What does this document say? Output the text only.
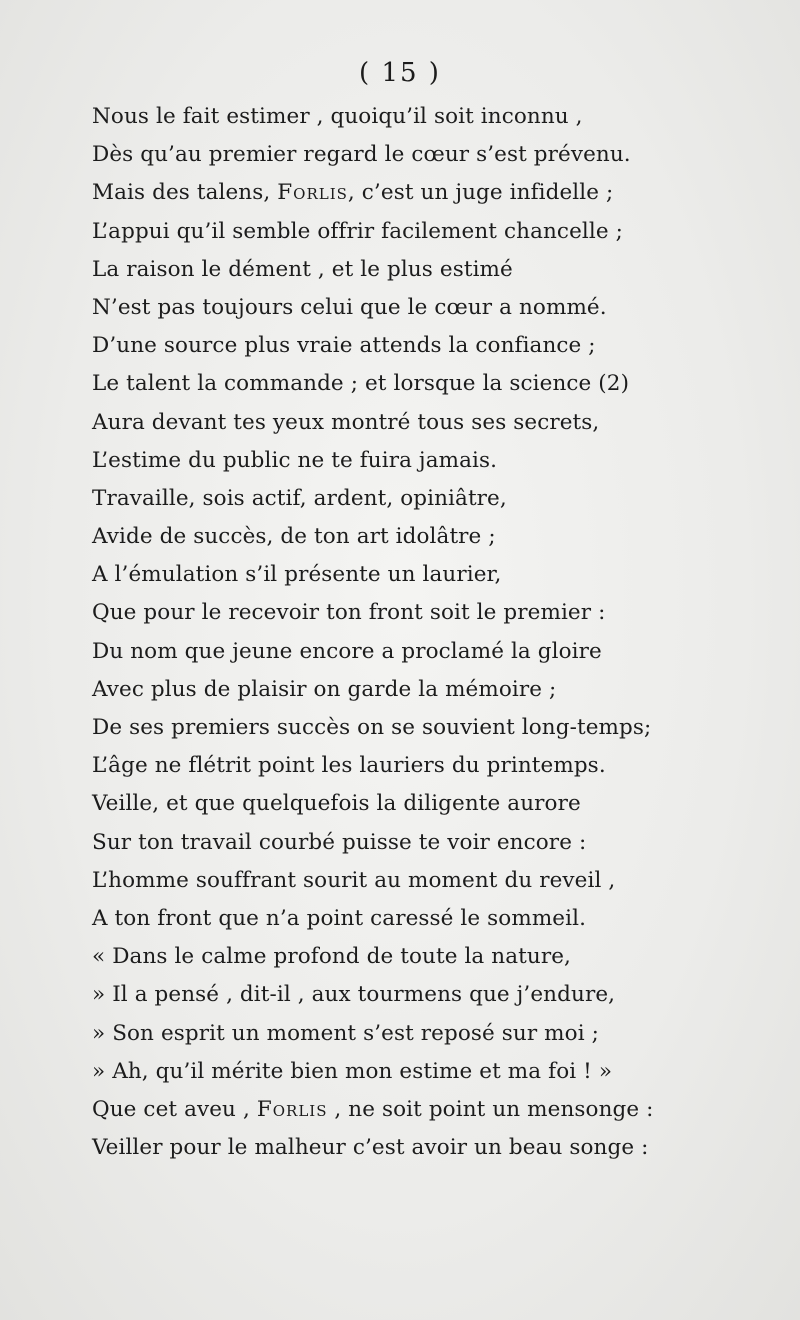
( 15 )
Nous le fait estimer , quoiqu’il soit inconnu ,
Dès qu’au premier regard le cœur s’est prévenu.
Mais des talens, Forlis, c’est un juge infidelle ;
L’appui qu’il semble offrir facilement chancelle ;
La raison le dément , et le plus estimé
N’est pas toujours celui que le cœur a nommé.
D’une source plus vraie attends la confiance ;
Le talent la commande ; et lorsque la science (2)
Aura devant tes yeux montré tous ses secrets,
L’estime du public ne te fuira jamais.
Travaille, sois actif, ardent, opiniâtre,
Avide de succès, de ton art idolâtre ;
A l’émulation s’il présente un laurier,
Que pour le recevoir ton front soit le premier :
Du nom que jeune encore a proclamé la gloire
Avec plus de plaisir on garde la mémoire ;
De ses premiers succès on se souvient long-temps;
L’âge ne flétrit point les lauriers du printemps.
Veille, et que quelquefois la diligente aurore
Sur ton travail courbé puisse te voir encore :
L’homme souffrant sourit au moment du reveil ,
A ton front que n’a point caressé le sommeil.
« Dans le calme profond de toute la nature,
» Il a pensé , dit-il , aux tourmens que j’endure,
» Son esprit un moment s’est reposé sur moi ;
» Ah, qu’il mérite bien mon estime et ma foi ! »
Que cet aveu , Forlis , ne soit point un mensonge :
Veiller pour le malheur c’est avoir un beau songe :
